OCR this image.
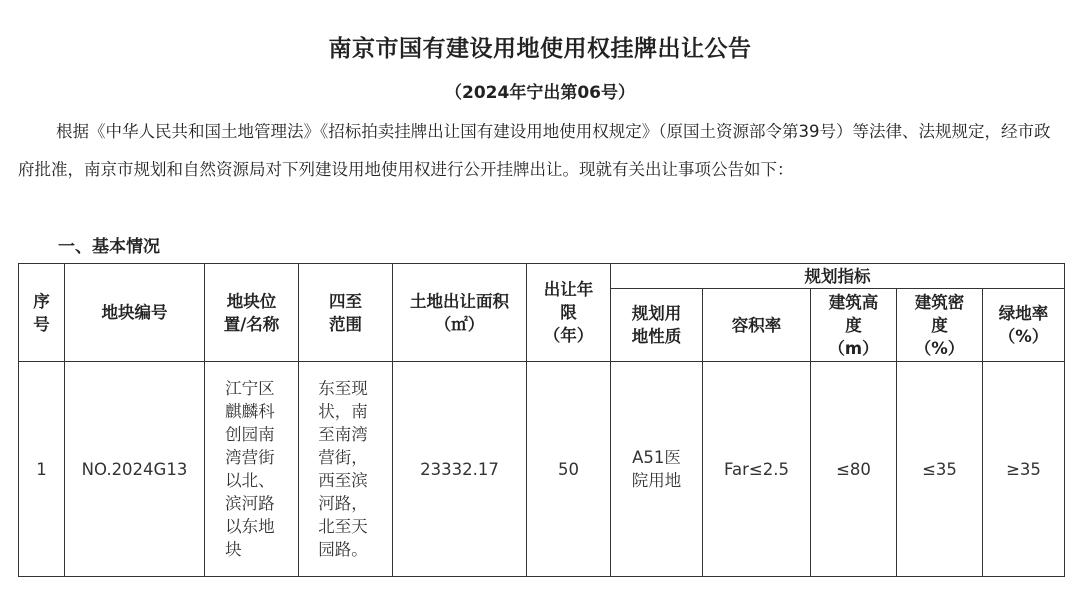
南京市国有建设用地使用权挂牌出让公告
（2024年宁出第06号）

根据《中华人民共和国土地管理法》《招标拍卖挂牌出让国有建设用地使用权规定》（原国土资源部令第39号）等法律、法规规定，经市政府批准，南京市规划和自然资源局对下列建设用地使用权进行公开挂牌出让。现就有关出让事项公告如下：

一、基本情况
序号	地块编号	地块位置/名称	四至范围	土地出让面积（㎡）	出让年限（年）	规划指标				

						规划用地性质	容积率	建筑高度（m）	建筑密度（%）	绿地率（%）

1	NO.2024G13	江宁区麒麟科创园南湾营街以北、滨河路以东地块	东至现状，南至南湾营街，西至滨河路，北至天园路。	23332.17	50	A51医院用地	Far≤2.5	≤80	≤35	≥35
